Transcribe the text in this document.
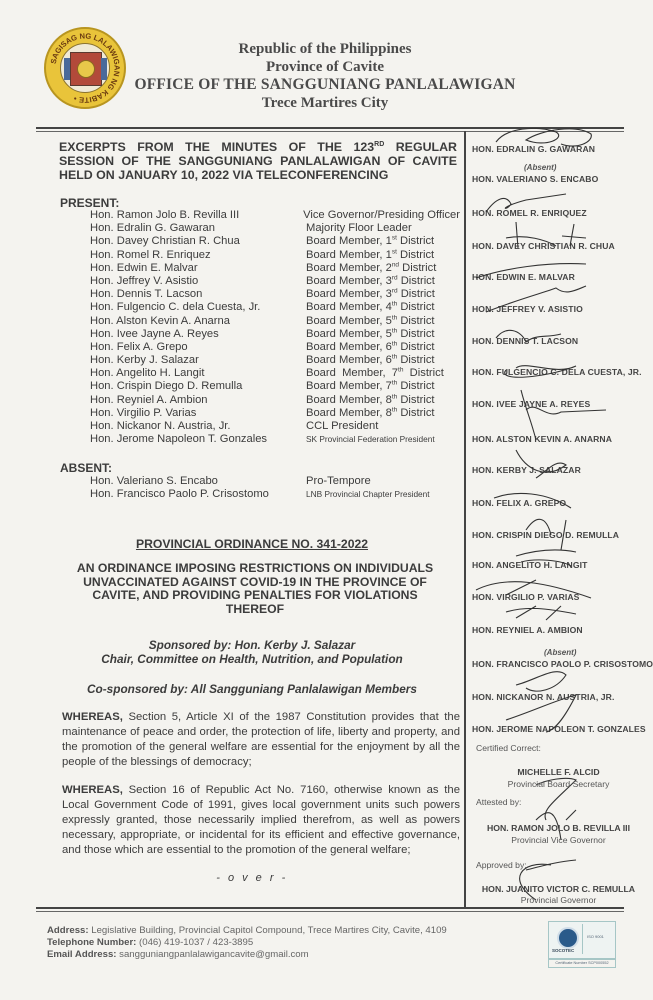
SAGISAG NG LALAWIGAN NG KABITE •
Republic of the Philippines
Province of Cavite
OFFICE OF THE SANGGUNIANG PANLALAWIGAN
Trece Martires City
EXCERPTS FROM THE MINUTES OF THE 123RD REGULAR
SESSION OF THE SANGGUNIANG PANLALAWIGAN OF CAVITE
HELD ON JANUARY 10, 2022 VIA TELECONFERENCING
PRESENT:
Hon. Ramon Jolo B. Revilla III	Vice Governor/Presiding Officer
Hon. Edralin G. Gawaran	Majority Floor Leader
Hon. Davey Christian R. Chua	Board Member, 1st District
Hon. Romel R. Enriquez	Board Member, 1st District
Hon. Edwin E. Malvar	Board Member, 2nd District
Hon. Jeffrey V. Asistio	Board Member, 3rd District
Hon. Dennis T. Lacson	Board Member, 3rd District
Hon. Fulgencio C. dela Cuesta, Jr.	Board Member, 4th District
Hon. Alston Kevin A. Anarna	Board Member, 5th District
Hon. Ivee Jayne A. Reyes	Board Member, 5th District
Hon. Felix A. Grepo	Board Member, 6th District
Hon. Kerby J. Salazar	Board Member, 6th District
Hon. Angelito H. Langit	Board  Member,  7th  District
Hon. Crispin Diego D. Remulla	Board Member, 7th District
Hon. Reyniel A. Ambion	Board Member, 8th District
Hon. Virgilio P. Varias	Board Member, 8th District
Hon. Nickanor N. Austria, Jr.	CCL President
Hon. Jerome Napoleon T. Gonzales	SK Provincial Federation President
ABSENT:
Hon. Valeriano S. Encabo	Pro-Tempore
Hon. Francisco Paolo P. Crisostomo	LNB Provincial Chapter President
PROVINCIAL ORDINANCE NO. 341-2022
AN ORDINANCE IMPOSING RESTRICTIONS ON INDIVIDUALS
UNVACCINATED AGAINST COVID-19 IN THE PROVINCE OF
CAVITE, AND PROVIDING PENALTIES FOR VIOLATIONS
THEREOF
Sponsored by: Hon. Kerby J. Salazar
Chair, Committee on Health, Nutrition, and Population
Co-sponsored by: All Sangguniang Panlalawigan Members
WHEREAS, Section 5, Article XI of the 1987 Constitution provides that the maintenance of peace and order, the protection of life, liberty and property, and the promotion of the general welfare are essential for the enjoyment by all the people of the blessings of democracy;
WHEREAS, Section 16 of Republic Act No. 7160, otherwise known as the Local Government Code of 1991, gives local government units such powers expressly granted, those necessarily implied therefrom, as well as powers necessary, appropriate, or incidental for its efficient and effective governance, and those which are essential to the promotion of the general welfare;
- o v e r -
HON. EDRALIN G. GAWARAN
(Absent)
HON. VALERIANO S. ENCABO
HON. ROMEL R. ENRIQUEZ
HON. DAVEY CHRISTIAN R. CHUA
HON. EDWIN E. MALVAR
HON. JEFFREY V. ASISTIO
HON. DENNIS T. LACSON
HON. FULGENCIO C. DELA CUESTA, JR.
HON. IVEE JAYNE A. REYES
HON. ALSTON KEVIN A. ANARNA
HON. KERBY J. SALAZAR
HON. FELIX A. GREPO
HON. CRISPIN DIEGO D. REMULLA
HON. ANGELITO H. LANGIT
HON. VIRGILIO P. VARIAS
HON. REYNIEL A. AMBION
(Absent)
HON. FRANCISCO PAOLO P. CRISOSTOMO
HON. NICKANOR N. AUSTRIA, JR.
HON. JEROME NAPOLEON T. GONZALES
Certified Correct:
MICHELLE F. ALCID
Provincial Board Secretary
Attested by:
HON. RAMON JOLO B. REVILLA III
Provincial Vice Governor
Approved by:
HON. JUANITO VICTOR C. REMULLA
Provincial Governor
Address: Legislative Building, Provincial Capitol Compound, Trece Martires City, Cavite, 4109
Telephone Number: (046) 419-1037 / 423-3895
Email Address: sangguniangpanlalawigancavite@gmail.com	SOCOTEC
ISO 9001
Certificate Number SCP000552
